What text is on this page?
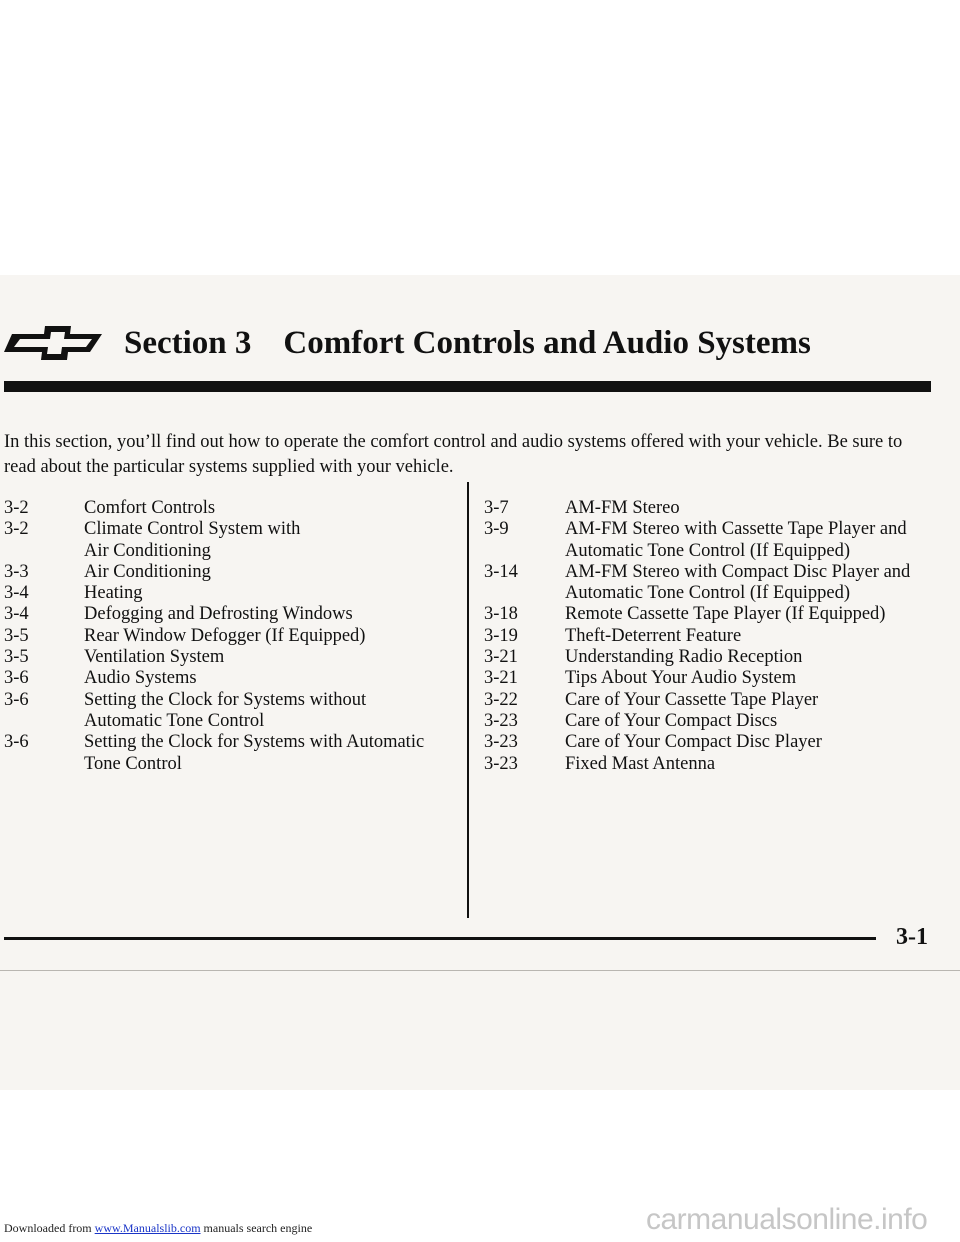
Section 3 Comfort Controls and Audio Systems

In this section, you’ll find out how to operate the comfort control and audio systems offered with your vehicle. Be sure to read about the particular systems supplied with your vehicle.

3-2	Comfort Controls
3-2	Climate Control System with
Air Conditioning
3-3	Air Conditioning
3-4	Heating
3-4	Defogging and Defrosting Windows
3-5	Rear Window Defogger (If Equipped)
3-5	Ventilation System
3-6	Audio Systems
3-6	Setting the Clock for Systems without
Automatic Tone Control
3-6	Setting the Clock for Systems with Automatic
Tone Control
3-7	AM-FM Stereo
3-9	AM-FM Stereo with Cassette Tape Player and
Automatic Tone Control (If Equipped)
3-14	AM-FM Stereo with Compact Disc Player and
Automatic Tone Control (If Equipped)
3-18	Remote Cassette Tape Player (If Equipped)
3-19	Theft-Deterrent Feature
3-21	Understanding Radio Reception
3-21	Tips About Your Audio System
3-22	Care of Your Cassette Tape Player
3-23	Care of Your Compact Discs
3-23	Care of Your Compact Disc Player
3-23	Fixed Mast Antenna
3-1
Downloaded from www.Manualslib.com manuals search engine	carmanualsonline.info
